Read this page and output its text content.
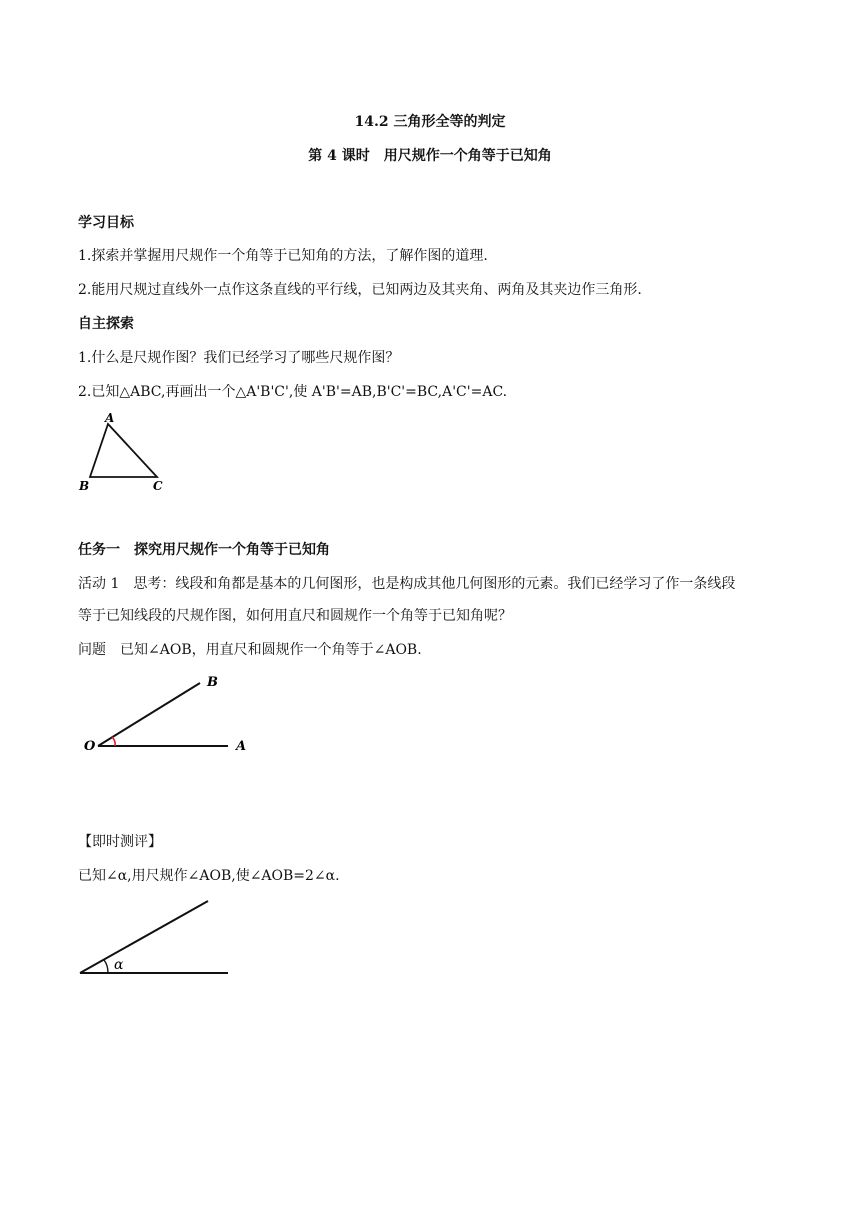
14.2 三角形全等的判定
第 4 课时　用尺规作一个角等于已知角
学习目标
1.探索并掌握用尺规作一个角等于已知角的方法，了解作图的道理.
2.能用尺规过直线外一点作这条直线的平行线，已知两边及其夹角、两角及其夹边作三角形.
自主探索
1.什么是尺规作图？我们已经学习了哪些尺规作图？
2.已知△ABC,再画出一个△A'B'C',使 A'B'=AB,B'C'=BC,A'C'=AC.
A
B	C
任务一　探究用尺规作一个角等于已知角
活动 1　思考：线段和角都是基本的几何图形，也是构成其他几何图形的元素。我们已经学习了作一条线段
等于已知线段的尺规作图，如何用直尺和圆规作一个角等于已知角呢？
问题　已知∠AOB，用直尺和圆规作一个角等于∠AOB.
O	A
B
【即时测评】
已知∠α,用尺规作∠AOB,使∠AOB=2∠α.
α
